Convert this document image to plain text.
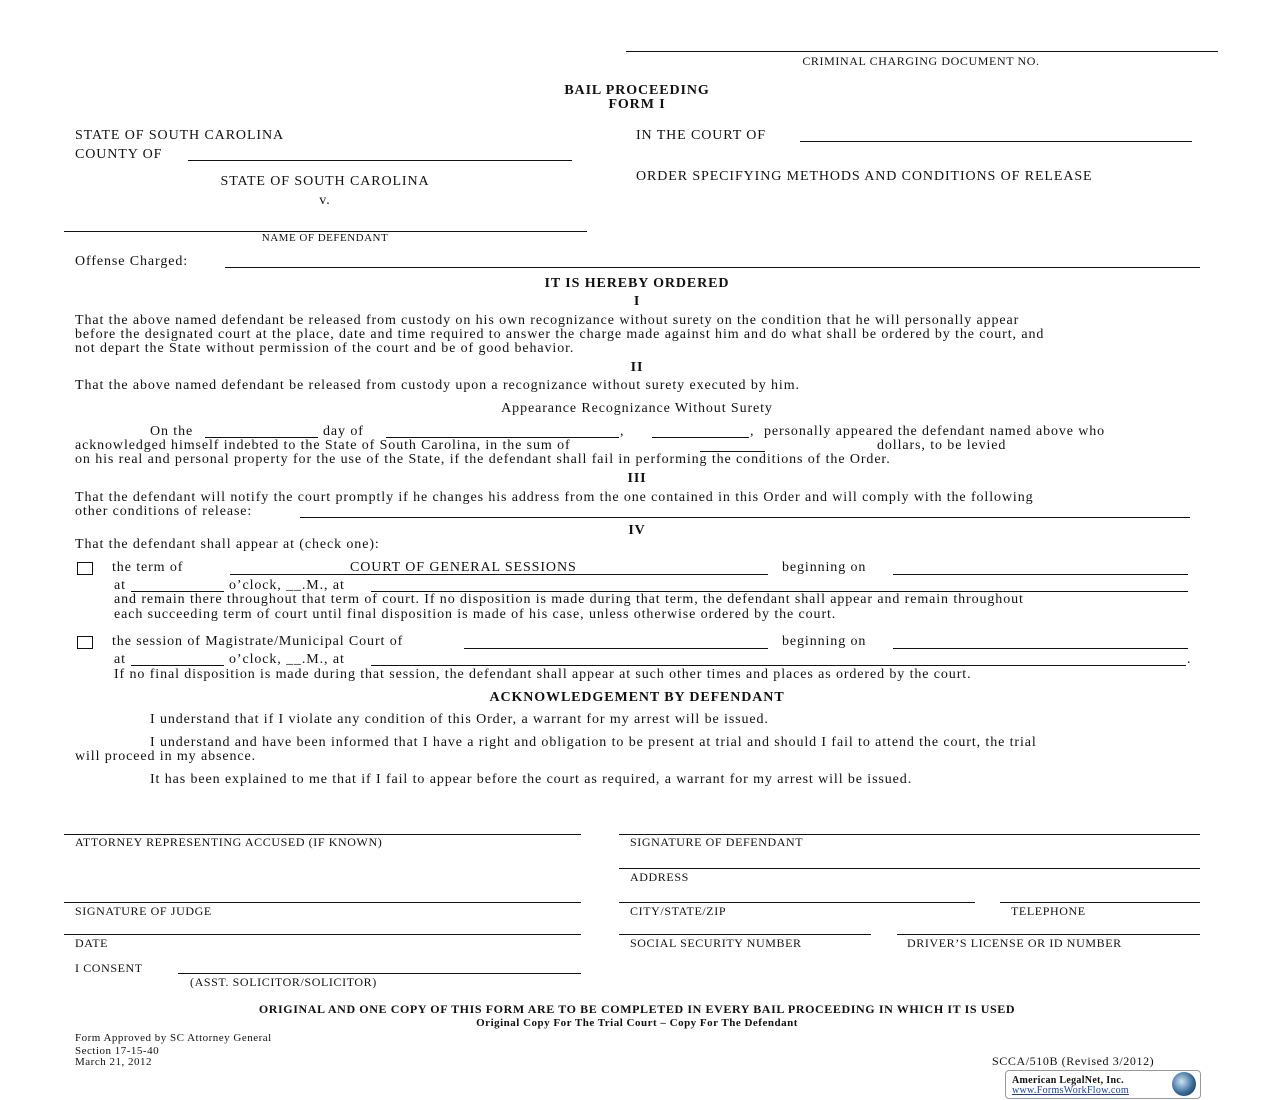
CRIMINAL CHARGING DOCUMENT NO.
BAIL PROCEEDING
FORM I
STATE OF SOUTH CAROLINA
COUNTY OF
IN THE COURT OF
ORDER SPECIFYING METHODS AND CONDITIONS OF RELEASE
STATE OF SOUTH CAROLINA
v.
NAME OF DEFENDANT
Offense Charged:
IT IS HEREBY ORDERED
I
That the above named defendant be released from custody on his own recognizance without surety on the condition that he will personally appear
before the designated court at the place, date and time required to answer the charge made against him and do what shall be ordered by the court, and
not depart the State without permission of the court and be of good behavior.
II
That the above named defendant be released from custody upon a recognizance without surety executed by him.
Appearance Recognizance Without Surety
On the	day of	,	, personally appeared the defendant named above who
acknowledged himself indebted to the State of South Carolina, in the sum of	dollars, to be levied
on his real and personal property for the use of the State, if the defendant shall fail in performing the conditions of the Order.
III
That the defendant will notify the court promptly if he changes his address from the one contained in this Order and will comply with the following
other conditions of release:
IV
That the defendant shall appear at (check one):
the term of	COURT OF GENERAL SESSIONS	beginning on
at	o’clock, __.M., at
and remain there throughout that term of court. If no disposition is made during that term, the defendant shall appear and remain throughout
each succeeding term of court until final disposition is made of his case, unless otherwise ordered by the court.
the session of Magistrate/Municipal Court of	beginning on
at	o’clock, __.M., at	.
If no final disposition is made during that session, the defendant shall appear at such other times and places as ordered by the court.
ACKNOWLEDGEMENT BY DEFENDANT
I understand that if I violate any condition of this Order, a warrant for my arrest will be issued.
I understand and have been informed that I have a right and obligation to be present at trial and should I fail to attend the court, the trial
will proceed in my absence.
It has been explained to me that if I fail to appear before the court as required, a warrant for my arrest will be issued.
ATTORNEY REPRESENTING ACCUSED (IF KNOWN)	SIGNATURE OF DEFENDANT
ADDRESS
SIGNATURE OF JUDGE	CITY/STATE/ZIP	TELEPHONE
DATE	SOCIAL SECURITY NUMBER	DRIVER’S LICENSE OR ID NUMBER
I CONSENT
(ASST. SOLICITOR/SOLICITOR)
ORIGINAL AND ONE COPY OF THIS FORM ARE TO BE COMPLETED IN EVERY BAIL PROCEEDING IN WHICH IT IS USED
Original Copy For The Trial Court – Copy For The Defendant
Form Approved by SC Attorney General
Section 17-15-40
March 21, 2012	SCCA/510B (Revised 3/2012)
American LegalNet, Inc.
www.FormsWorkFlow.com
